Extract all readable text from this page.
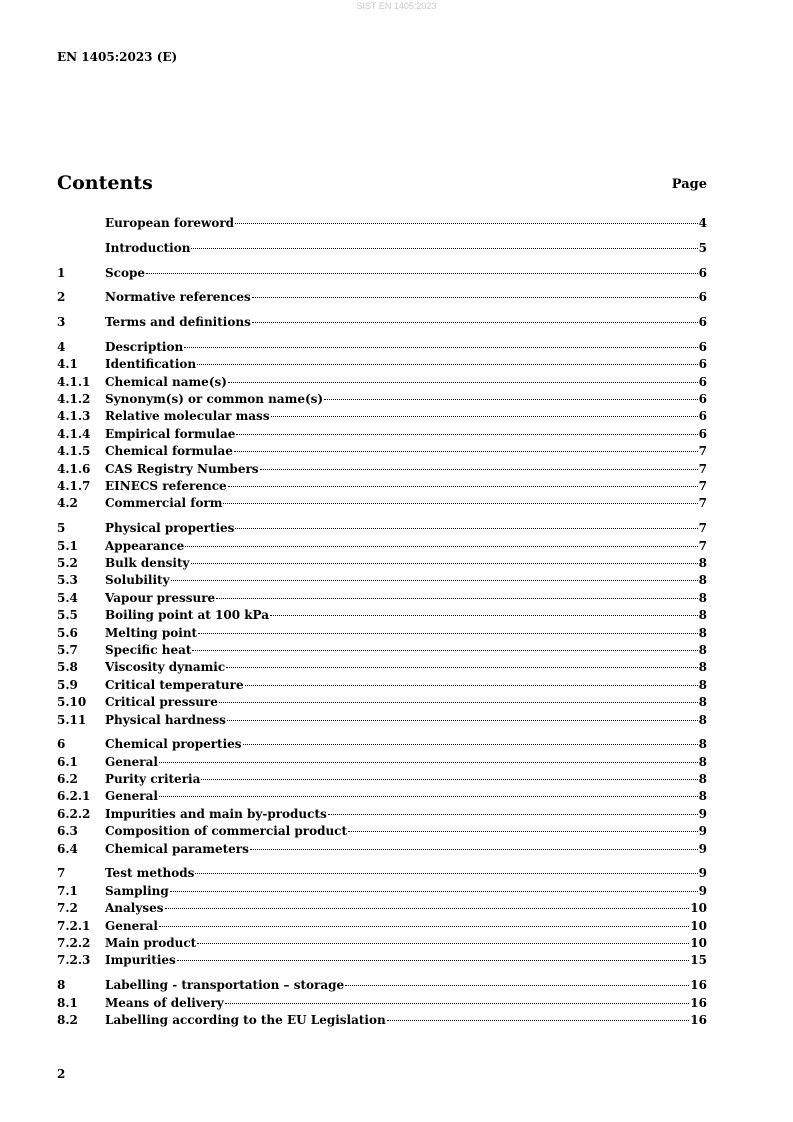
SIST EN 1405:2023
EN 1405:2023 (E)
Contents	Page
European foreword	4
Introduction	5
1	Scope	6
2	Normative references	6
3	Terms and definitions	6
4	Description	6
4.1	Identification	6
4.1.1	Chemical name(s)	6
4.1.2	Synonym(s) or common name(s)	6
4.1.3	Relative molecular mass	6
4.1.4	Empirical formulae	6
4.1.5	Chemical formulae	7
4.1.6	CAS Registry Numbers	7
4.1.7	EINECS reference	7
4.2	Commercial form	7
5	Physical properties	7
5.1	Appearance	7
5.2	Bulk density	8
5.3	Solubility	8
5.4	Vapour pressure	8
5.5	Boiling point at 100 kPa	8
5.6	Melting point	8
5.7	Specific heat	8
5.8	Viscosity dynamic	8
5.9	Critical temperature	8
5.10	Critical pressure	8
5.11	Physical hardness	8
6	Chemical properties	8
6.1	General	8
6.2	Purity criteria	8
6.2.1	General	8
6.2.2	Impurities and main by-products	9
6.3	Composition of commercial product	9
6.4	Chemical parameters	9
7	Test methods	9
7.1	Sampling	9
7.2	Analyses	10
7.2.1	General	10
7.2.2	Main product	10
7.2.3	Impurities	15
8	Labelling - transportation – storage	16
8.1	Means of delivery	16
8.2	Labelling according to the EU Legislation	16
2
